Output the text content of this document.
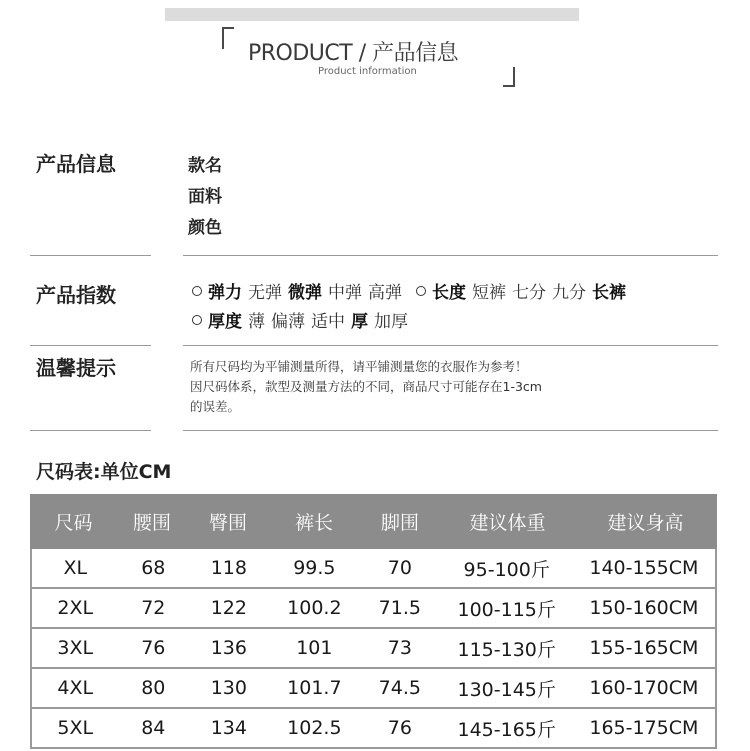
PRODUCT / 产品信息
Product information
产品信息	款名
面料
颜色
产品指数	弹力 无弹 微弹 中弹 高弹 长度 短裤 七分 九分 长裤
厚度 薄 偏薄 适中 厚 加厚
温馨提示	所有尺码均为平铺测量所得，请平铺测量您的衣服作为参考！
因尺码体系，款型及测量方法的不同，商品尺寸可能存在1-3cm
的误差。
尺码表:单位CM
尺码	腰围	臀围	裤长	脚围	建议体重	建议身高
XL	68	118	99.5	70	95-100斤	140-155CM
2XL	72	122	100.2	71.5	100-115斤	150-160CM
3XL	76	136	101	73	115-130斤	155-165CM
4XL	80	130	101.7	74.5	130-145斤	160-170CM
5XL	84	134	102.5	76	145-165斤	165-175CM
